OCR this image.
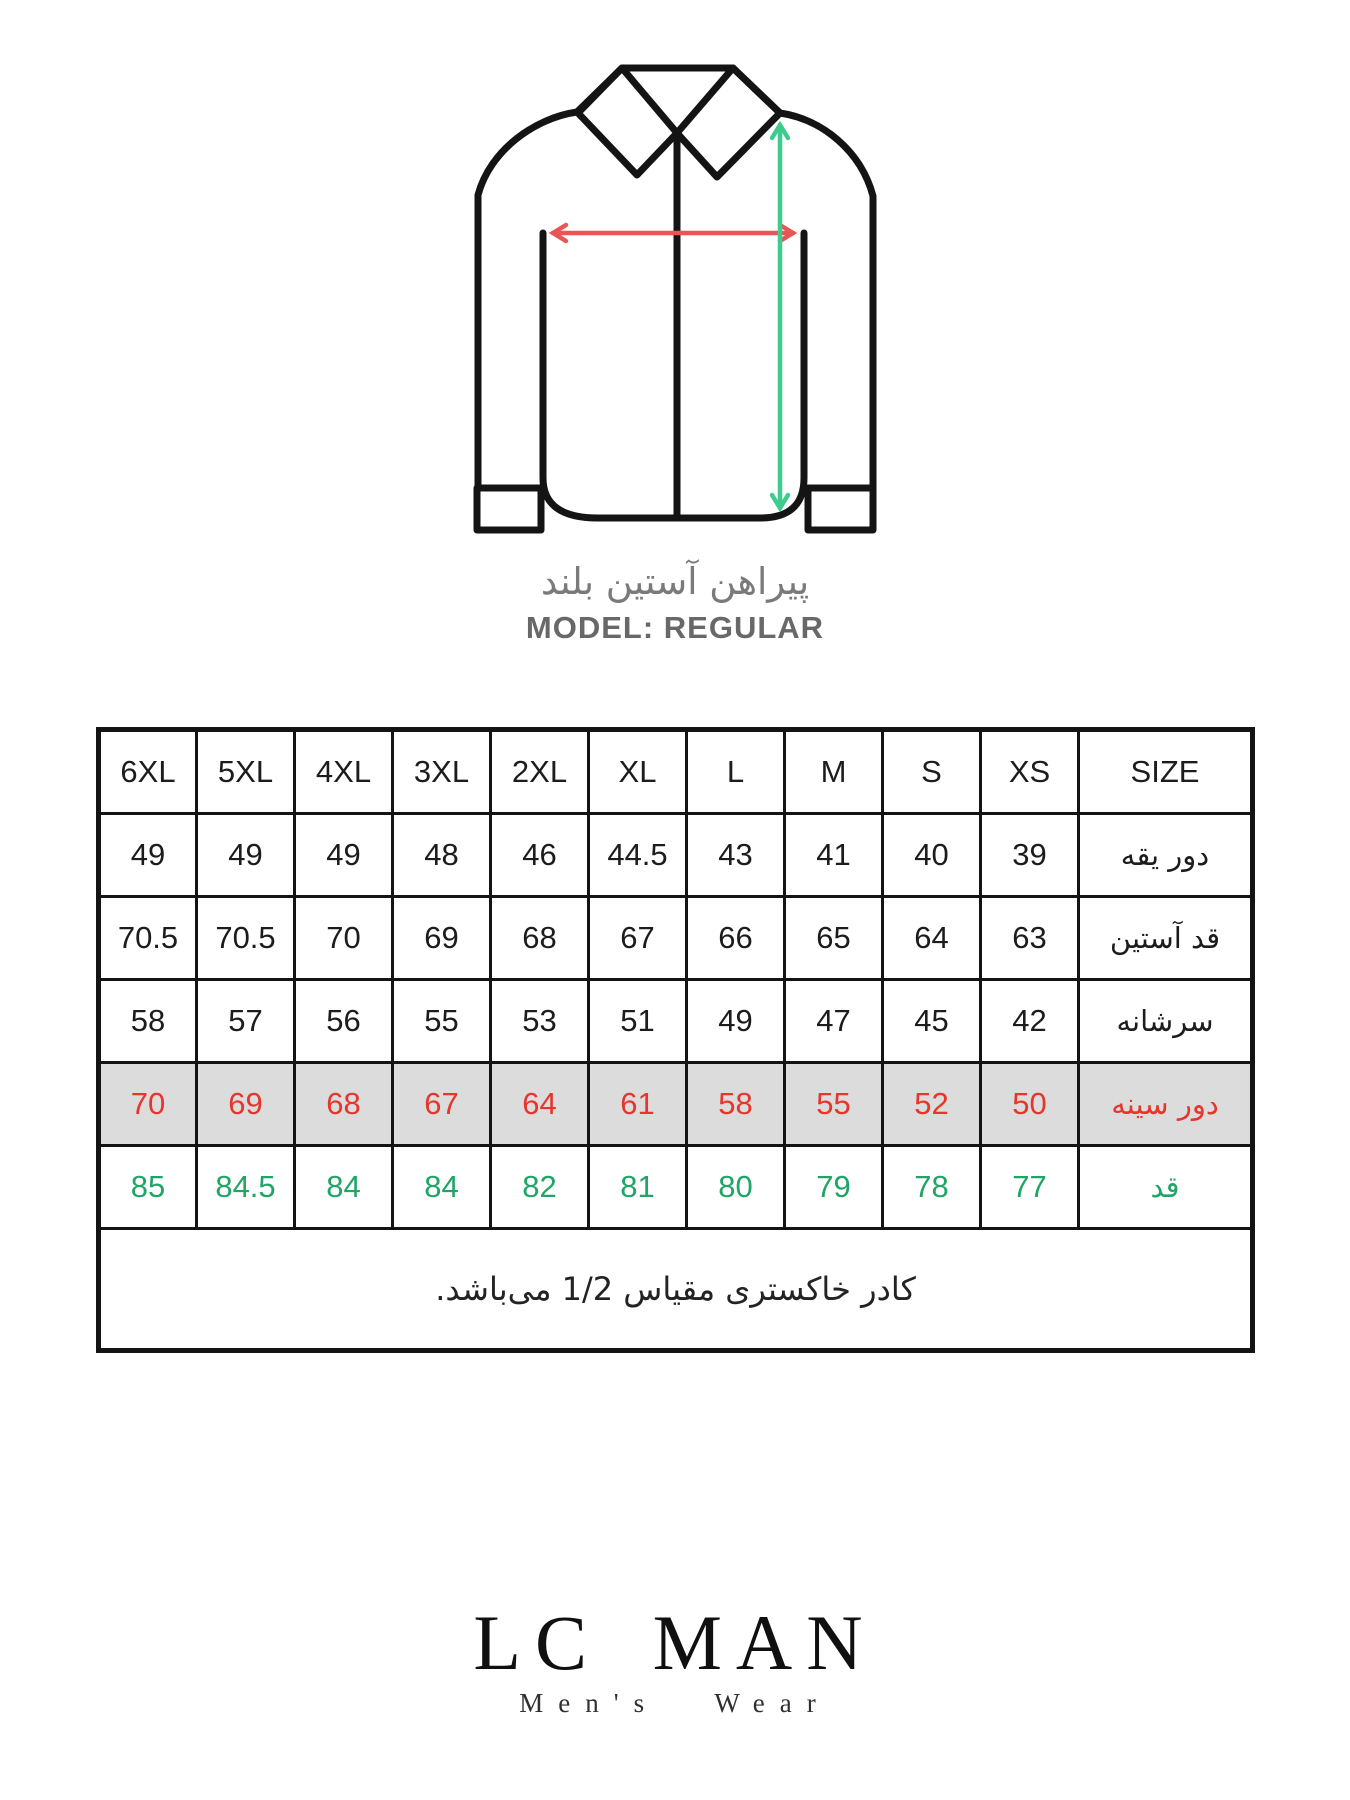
پیراهن آستین بلند
MODEL: REGULAR
6XL	5XL	4XL	3XL	2XL	XL	L	M	S	XS	SIZE
49	49	49	48	46	44.5	43	41	40	39	دور یقه
70.5	70.5	70	69	68	67	66	65	64	63	قد آستین
58	57	56	55	53	51	49	47	45	42	سرشانه
70	69	68	67	64	61	58	55	52	50	دور سینه
85	84.5	84	84	82	81	80	79	78	77	قد
کادر خاکستری مقیاس 1/2 می‌باشد.										
LC MAN
Men's Wear
